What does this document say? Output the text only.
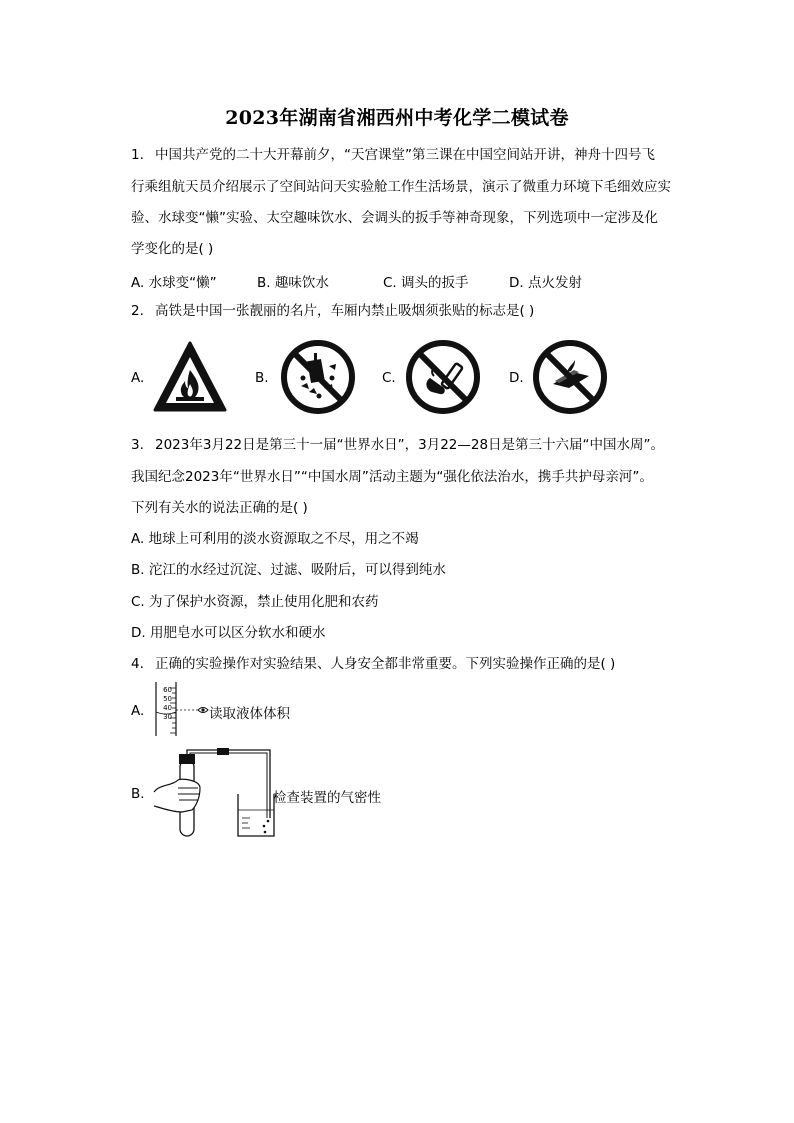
2023年湖南省湘西州中考化学二模试卷
1. 中国共产党的二十大开幕前夕，“天宫课堂”第三课在中国空间站开讲，神舟十四号飞
行乘组航天员介绍展示了空间站问天实验舱工作生活场景，演示了微重力环境下毛细效应实
验、水球变“懒”实验、太空趣味饮水、会调头的扳手等神奇现象，下列选项中一定涉及化
学变化的是( )
A. 水球变“懒”	B. 趣味饮水	C. 调头的扳手	D. 点火发射
2. 高铁是中国一张靓丽的名片，车厢内禁止吸烟须张贴的标志是( )
A.	B.	C.	D.
3. 2023年3月22日是第三十一届“世界水日”，3月22—28日是第三十六届“中国水周”。
我国纪念2023年“世界水日”“中国水周”活动主题为“强化依法治水，携手共护母亲河”。
下列有关水的说法正确的是( )
A. 地球上可利用的淡水资源取之不尽，用之不竭
B. 沱江的水经过沉淀、过滤、吸附后，可以得到纯水
C. 为了保护水资源，禁止使用化肥和农药
D. 用肥皂水可以区分软水和硬水
4. 正确的实验操作对实验结果、人身安全都非常重要。下列实验操作正确的是( )
A.
60
50
40
30	读取液体体积
B.	检查装置的气密性
